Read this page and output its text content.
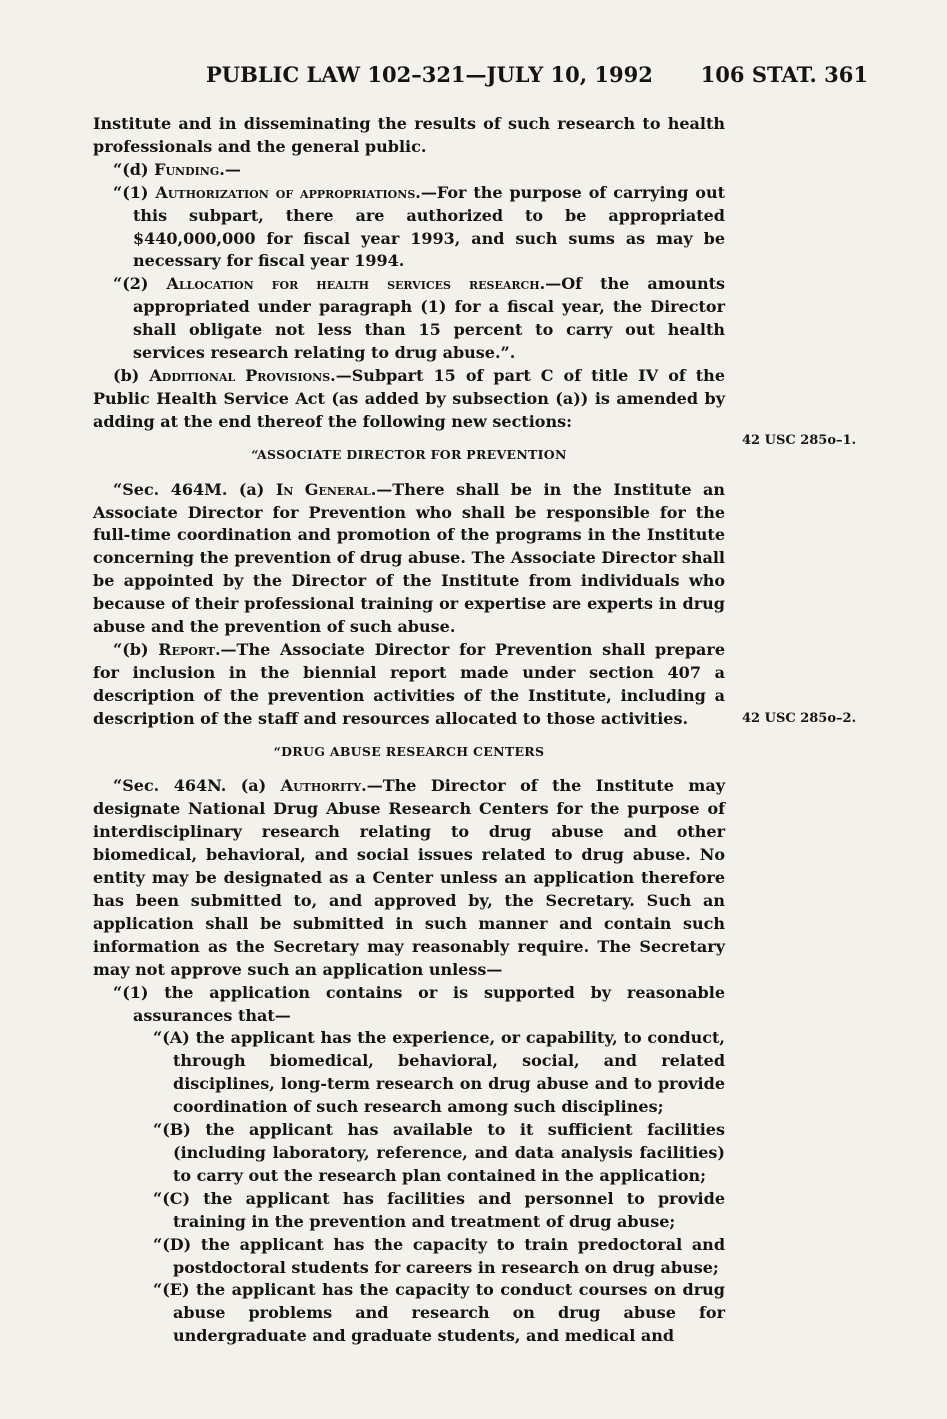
PUBLIC LAW 102–321—JULY 10, 1992 106 STAT. 361
42 USC 285o–1.
42 USC 285o–2.

Institute and in disseminating the results of such research to health professionals and the general public.

“(d) Funding.—

“(1) Authorization of appropriations.—For the purpose of carrying out this subpart, there are authorized to be appropriated $440,000,000 for fiscal year 1993, and such sums as may be necessary for fiscal year 1994.

“(2) Allocation for health services research.—Of the amounts appropriated under paragraph (1) for a fiscal year, the Director shall obligate not less than 15 percent to carry out health services research relating to drug abuse.”.

(b) Additional Provisions.—Subpart 15 of part C of title IV of the Public Health Service Act (as added by subsection (a)) is amended by adding at the end thereof the following new sections:

“ASSOCIATE DIRECTOR FOR PREVENTION

“Sec. 464M. (a) In General.—There shall be in the Institute an Associate Director for Prevention who shall be responsible for the full-time coordination and promotion of the programs in the Institute concerning the prevention of drug abuse. The Associate Director shall be appointed by the Director of the Institute from individuals who because of their professional training or expertise are experts in drug abuse and the prevention of such abuse.

“(b) Report.—The Associate Director for Prevention shall prepare for inclusion in the biennial report made under section 407 a description of the prevention activities of the Institute, including a description of the staff and resources allocated to those activities.

“DRUG ABUSE RESEARCH CENTERS

“Sec. 464N. (a) Authority.—The Director of the Institute may designate National Drug Abuse Research Centers for the purpose of interdisciplinary research relating to drug abuse and other biomedical, behavioral, and social issues related to drug abuse. No entity may be designated as a Center unless an application therefore has been submitted to, and approved by, the Secretary. Such an application shall be submitted in such manner and contain such information as the Secretary may reasonably require. The Secretary may not approve such an application unless—

“(1) the application contains or is supported by reasonable assurances that—

“(A) the applicant has the experience, or capability, to conduct, through biomedical, behavioral, social, and related disciplines, long-term research on drug abuse and to provide coordination of such research among such disciplines;

“(B) the applicant has available to it sufficient facilities (including laboratory, reference, and data analysis facilities) to carry out the research plan contained in the application;

“(C) the applicant has facilities and personnel to provide training in the prevention and treatment of drug abuse;

“(D) the applicant has the capacity to train predoctoral and postdoctoral students for careers in research on drug abuse;

“(E) the applicant has the capacity to conduct courses on drug abuse problems and research on drug abuse for undergraduate and graduate students, and medical and
